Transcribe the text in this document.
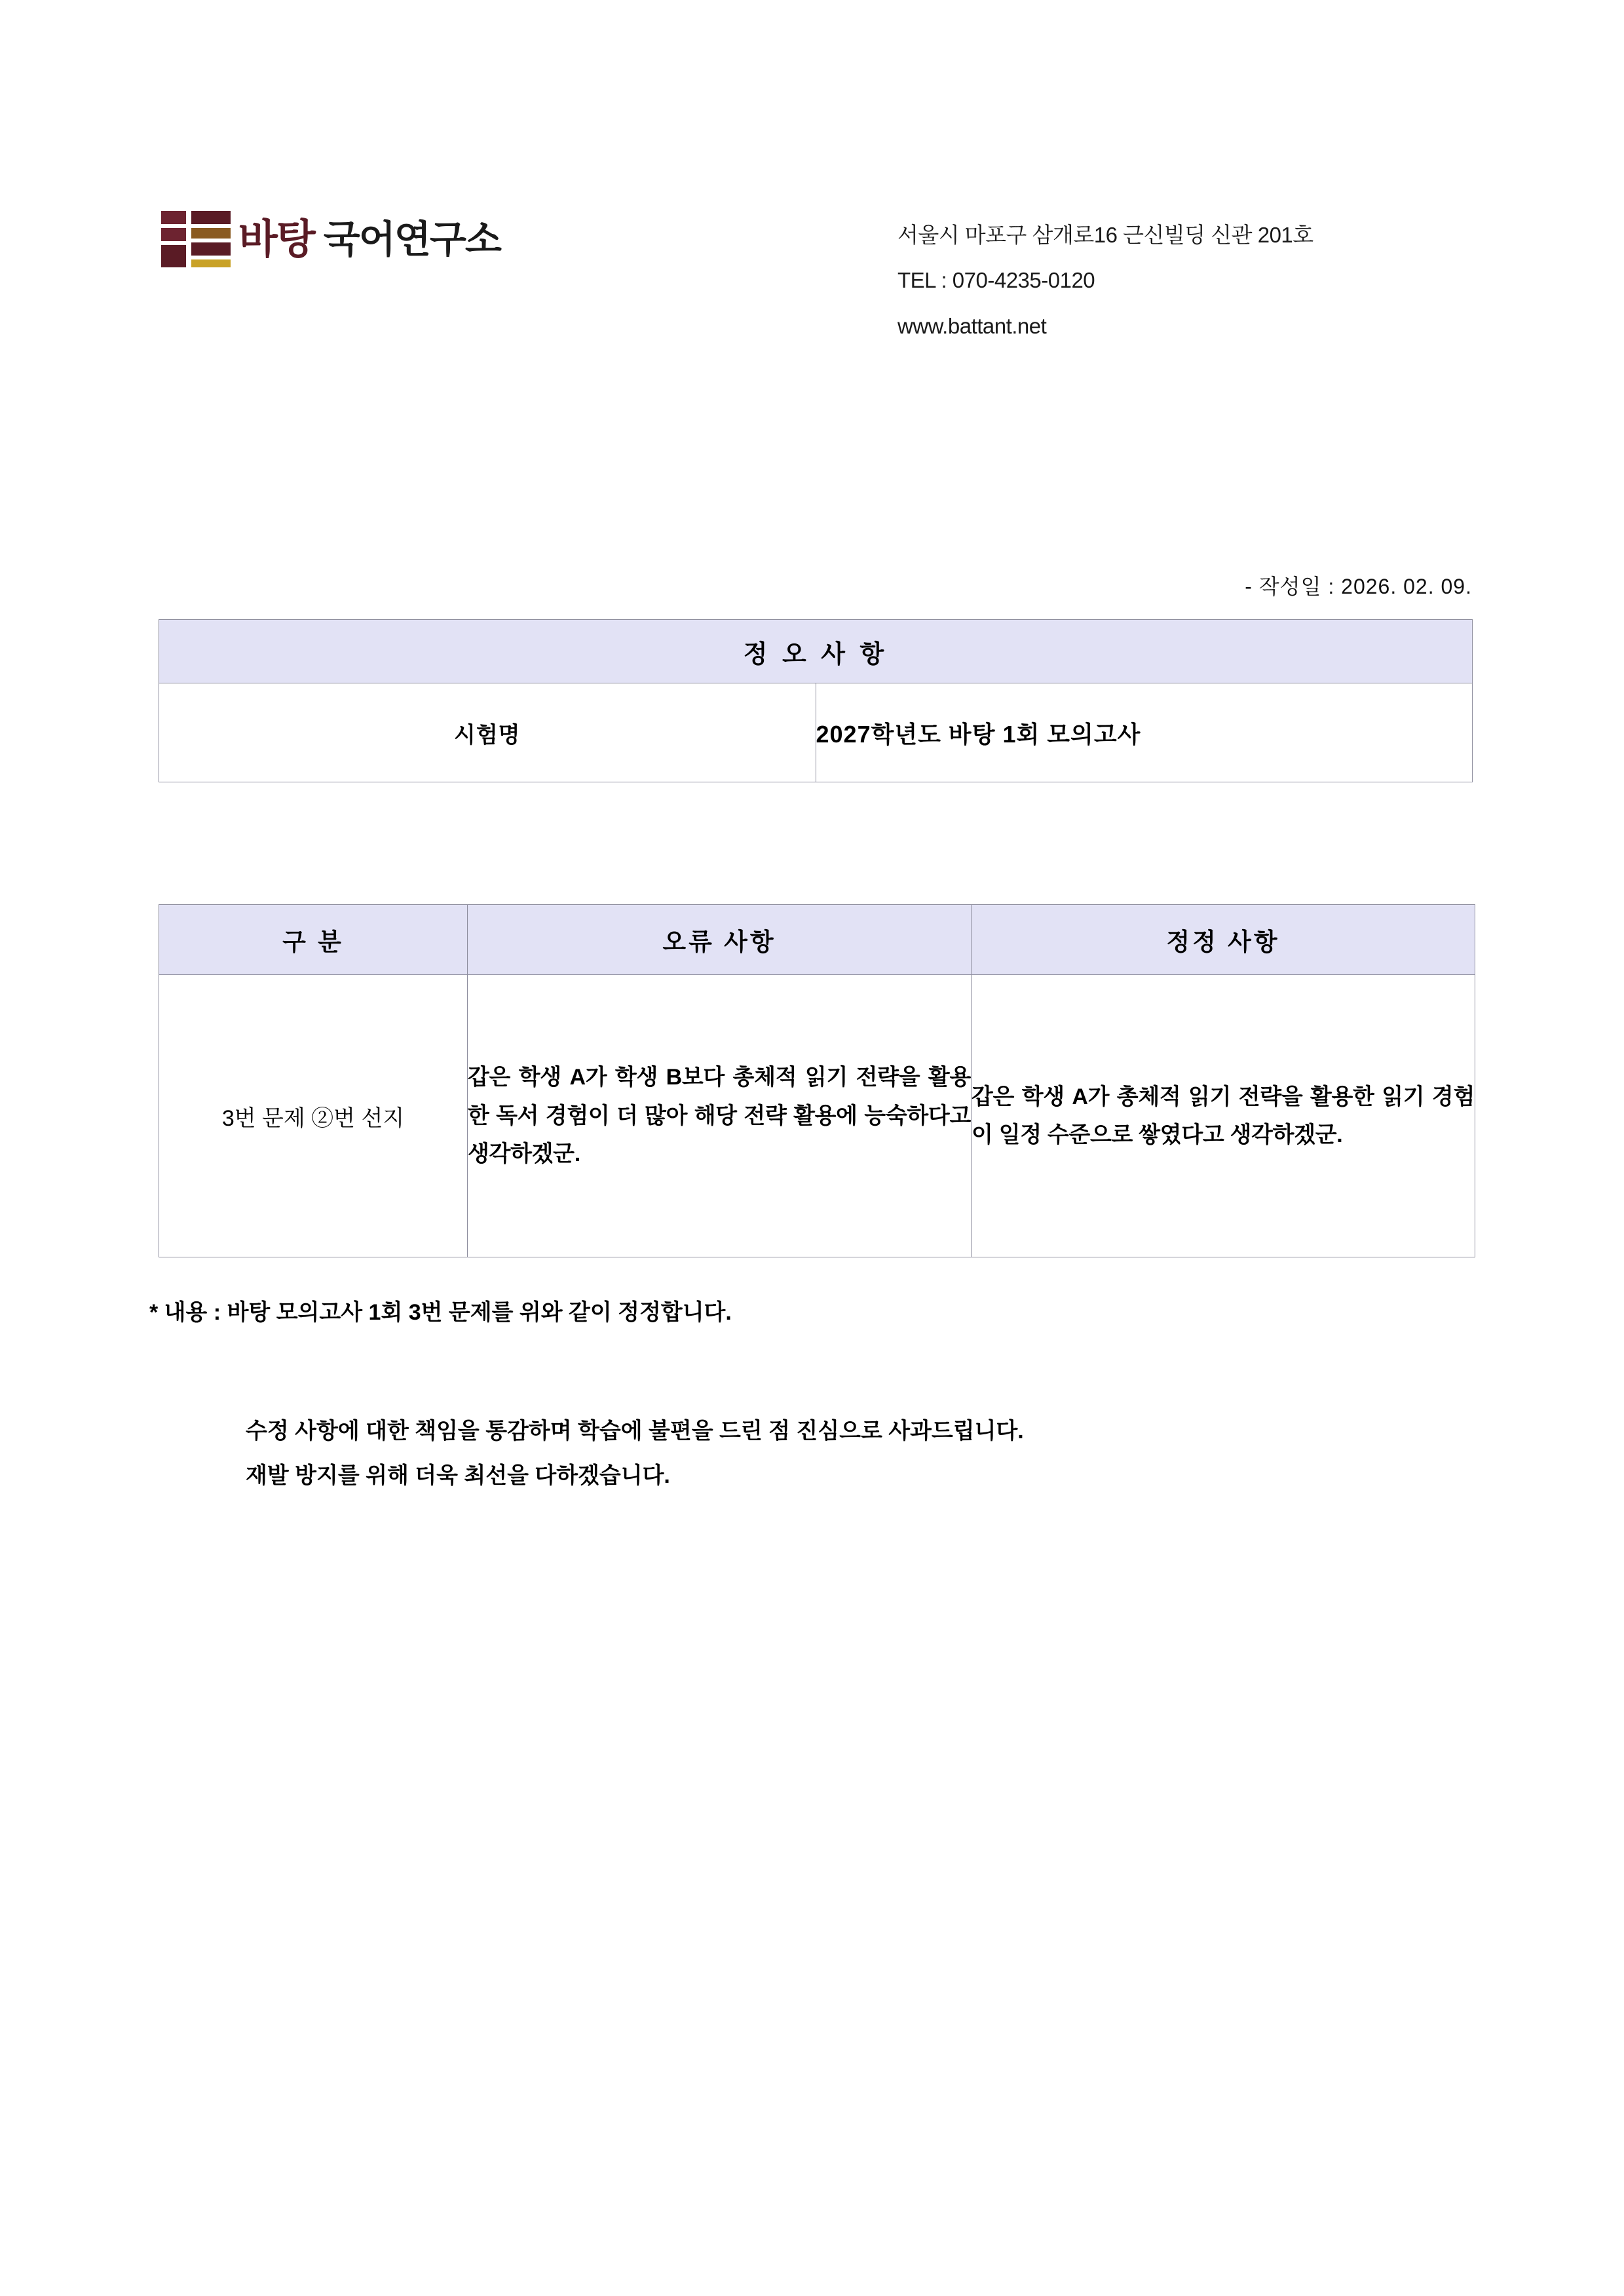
바탕 국어연구소	서울시 마포구 삼개로16 근신빌딩 신관 201호
TEL : 070-4235-0120
www.battant.net
- 작성일 : 2026. 02. 09.
정 오 사 항
시험명	2027학년도 바탕 1회 모의고사
구 분	오류 사항	정정 사항
3번 문제 ②번 선지	갑은 학생 A가 학생 B보다 총체적 읽기 전략을 활용한 독서 경험이 더 많아 해당 전략 활용에 능숙하다고 생각하겠군.	갑은 학생 A가 총체적 읽기 전략을 활용한 읽기 경험이 일정 수준으로 쌓였다고 생각하겠군.
* 내용 : 바탕 모의고사 1회 3번 문제를 위와 같이 정정합니다.
수정 사항에 대한 책임을 통감하며 학습에 불편을 드린 점 진심으로 사과드립니다.
재발 방지를 위해 더욱 최선을 다하겠습니다.
